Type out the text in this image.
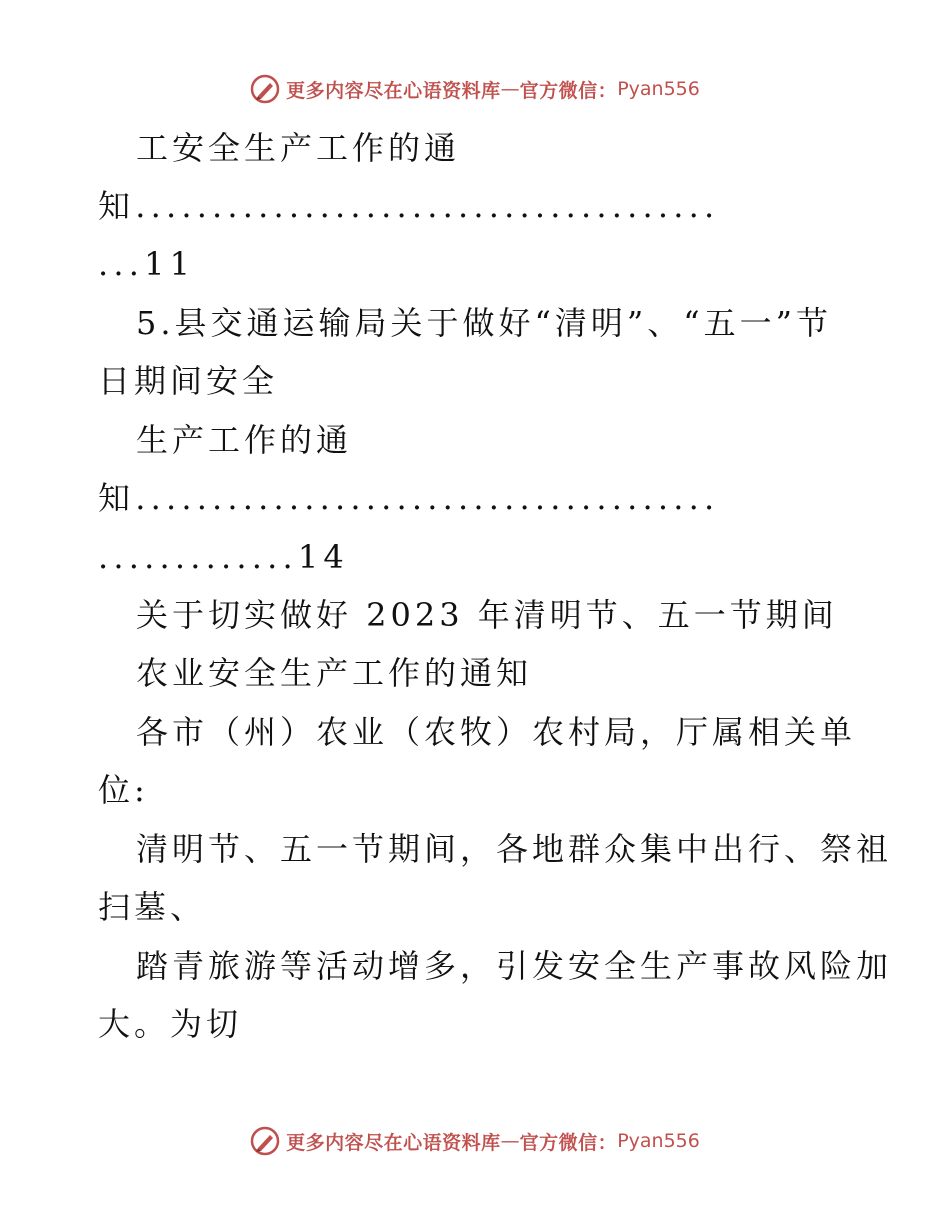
更多内容尽在心语资料库 — 官方微信： Pyan556
工安全生产工作的通
知......................................
...11
5.县交通运输局关于做好“清明”、“五一”节
日期间安全
生产工作的通
知......................................
.............14
关于切实做好 2023 年清明节、五一节期间
农业安全生产工作的通知
各市（州）农业（农牧）农村局，厅属相关单
位:
清明节、五一节期间，各地群众集中出行、祭祖
扫墓、
踏青旅游等活动增多，引发安全生产事故风险加
大。为切
更多内容尽在心语资料库 — 官方微信： Pyan556
